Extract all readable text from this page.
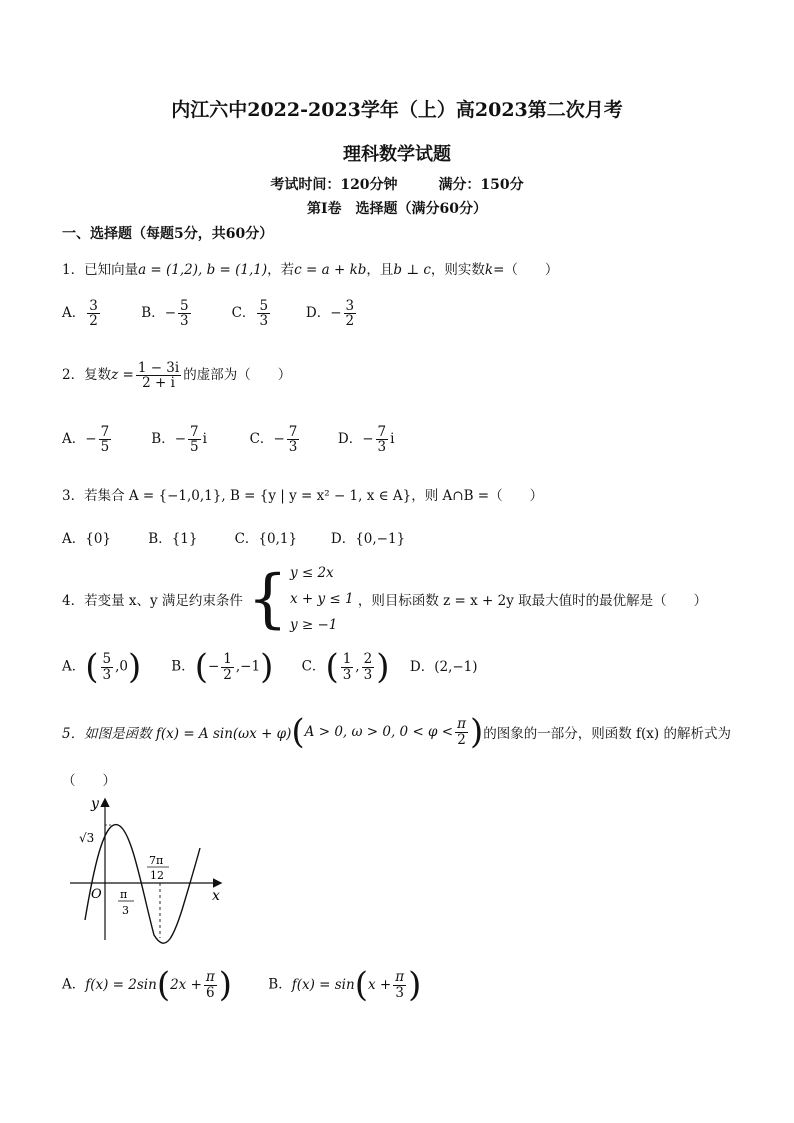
内江六中2022-2023学年（上）高2023第二次月考
理科数学试题
考试时间：120分钟	满分：150分
第Ⅰ卷　选择题（满分60分）
一、选择题（每题5分，共60分）
1．已知向量a = (1,2), b = (1,1)，若c = a + kb，且b ⊥ c，则实数k=（　　）
A． $\frac{3}{2}$	B．− $\frac{5}{3}$	C． $\frac{5}{3}$	D．− $\frac{3}{2}$
2．复数$z = \frac{1 - 3i}{2 + i}$ 的虚部为（　　）
A．− $\frac{7}{5}$	B．− $\frac{7}{5}$ i	C．− $\frac{7}{3}$	D．− $\frac{7}{3}$ i
3．若集合 A = {−1,0,1}, B = {y | y = x² − 1, x ∈ A}，则 A∩B =（　　）
A．{0}	B．{1}	C．{0,1}	D．{0,−1}
4．若变量 x、y 满足约束条件 { y ≤ 2x
x + y ≤ 1
y ≥ −1
，则目标函数 z = x + 2y 取最大值时的最优解是（　　）
A．( $\frac{5}{3} ,0$) B．(− $\frac{1}{2} ,-1$) C．( $\frac{1}{3}$ , $\frac{2}{3}$ ) D．(2,−1)
5．如图是函数 f(x) = A sin(ωx + φ)(A > 0, ω > 0, $0 < \varphi < \frac{\pi}{2}$ )的图象的一部分，则函数 f(x) 的解析式为
（　　）
y
x
O
√3
π
3
7π
12
A．$f(x) = 2\sin(2x + \frac{\pi}{6}$ )	B．$f(x) = \sin(x + \frac{\pi}{3}$ )
